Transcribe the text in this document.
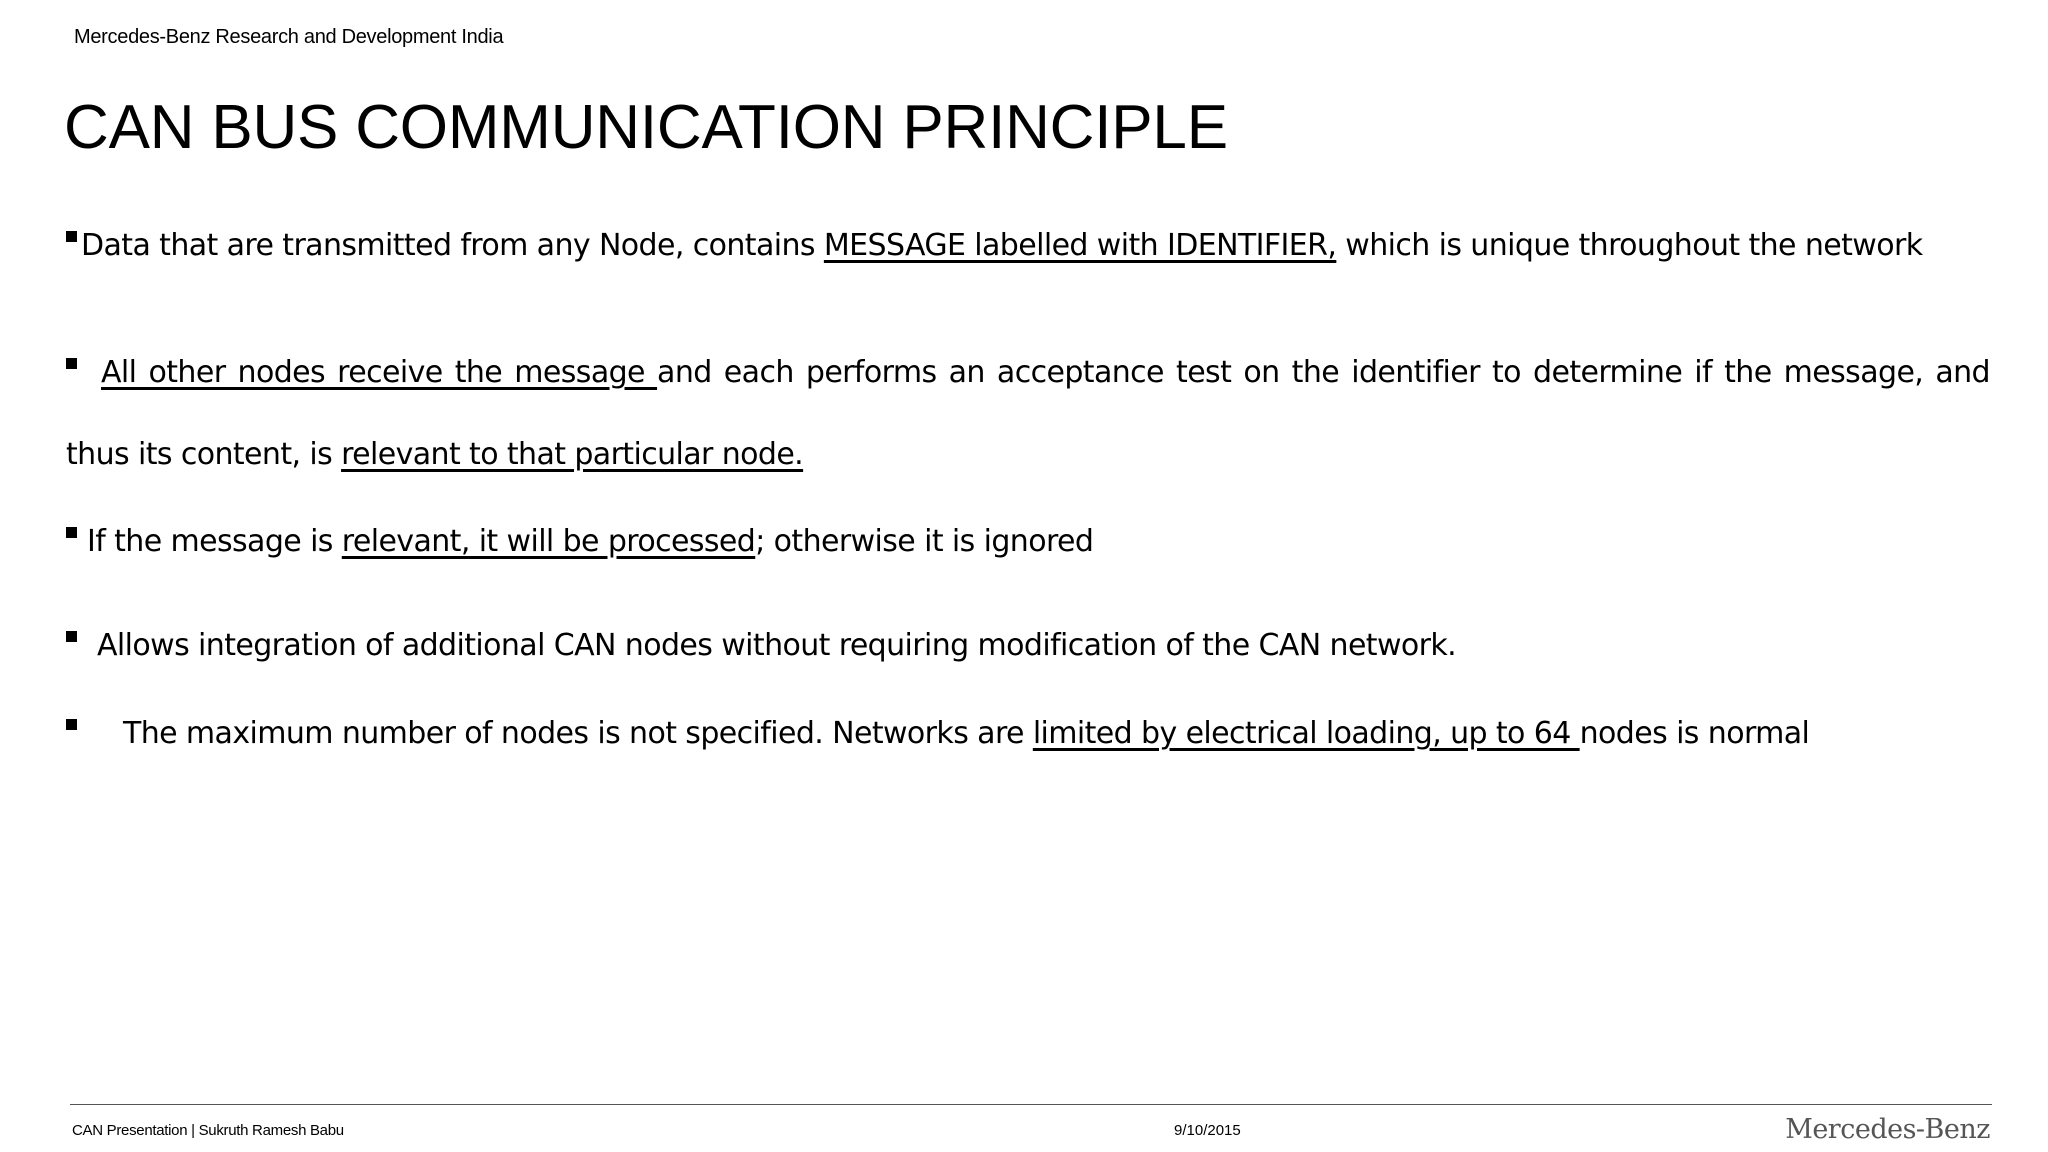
Mercedes-Benz Research and Development India
CAN BUS COMMUNICATION PRINCIPLE
Data that are transmitted from any Node, contains MESSAGE labelled with IDENTIFIER, which is unique throughout the network
All other nodes receive the message and each performs an acceptance test on the identifier to determine if the message, and thus its content, is relevant to that particular node.
If the message is relevant, it will be processed; otherwise it is ignored
Allows integration of additional CAN nodes without requiring modification of the CAN network.
The maximum number of nodes is not specified. Networks are limited by electrical loading, up to 64 nodes is normal
CAN Presentation | Sukruth Ramesh Babu	9/10/2015	Mercedes-Benz
